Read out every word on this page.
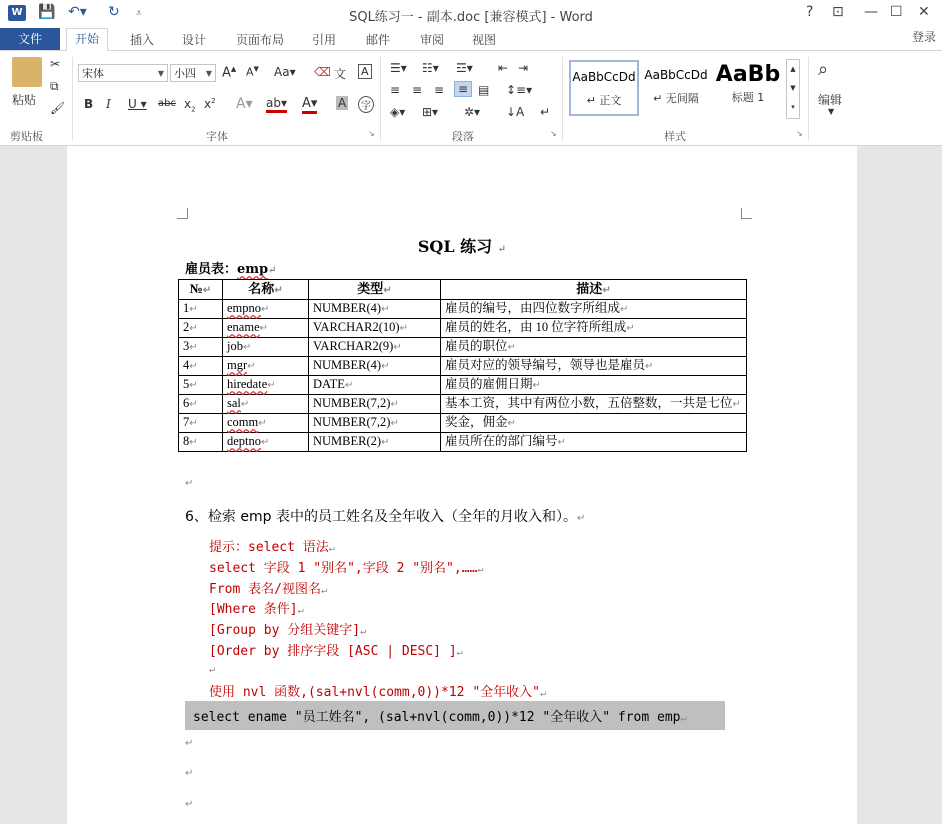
W 💾 ↶▾ ↻ ⩡	SQL练习一 - 副本.doc [兼容模式] - Word	? ⊡ — ☐ ✕
开始	插入 设计 页面布局 引用 邮件 审阅 视图
文件	登录
粘贴
✂
⧉
🖌
剪贴板
宋体	▼ 小四 ▼ A▲ A▼ Aa▾ ⌫ 文 A
B I U ▾ abc $x_2$ $x^2$ A▾ ab▾ A▾ A	字
字体	↘
☰▾ ☷▾ ☲▾ ⇤ ⇥
≡ ≡ ≡	≡ ▤ ↕≡▾
◈▾ ⊞▾ ✲▾ ↓A ↵
段落	↘
AaBbCcDd
↵ 正文
AaBbCcDd
↵ 无间隔
AaBb
标题 1
▲
▼
▾
样式	↘
⌕
编辑
▼
SQL 练习 ↵
雇员表：emp↵
№↵	名称↵	类型↵	描述↵
1↵	empno↵	NUMBER(4)↵	雇员的编号，由四位数字所组成↵
2↵	ename↵	VARCHAR2(10)↵	雇员的姓名，由 10 位字符所组成↵
3↵	job↵	VARCHAR2(9)↵	雇员的职位↵
4↵	mgr↵	NUMBER(4)↵	雇员对应的领导编号，领导也是雇员↵
5↵	hiredate↵	DATE↵	雇员的雇佣日期↵
6↵	sal↵	NUMBER(7,2)↵	基本工资，其中有两位小数，五倍整数，一共是七位↵
7↵	comm↵	NUMBER(7,2)↵	奖金，佣金↵
8↵	deptno↵	NUMBER(2)↵	雇员所在的部门编号↵
↵
6、检索 emp 表中的员工姓名及全年收入（全年的月收入和）。↵
提示：select 语法↵
select 字段 1 "别名",字段 2 "别名",……↵
From 表名/视图名↵
[Where 条件]↵
[Group by 分组关键字]↵
[Order by 排序字段 [ASC | DESC] ]↵
↵
使用 nvl 函数,(sal+nvl(comm,0))*12 "全年收入"↵
select ename "员工姓名", (sal+nvl(comm,0))*12 "全年收入" from emp↵
↵
↵
↵
